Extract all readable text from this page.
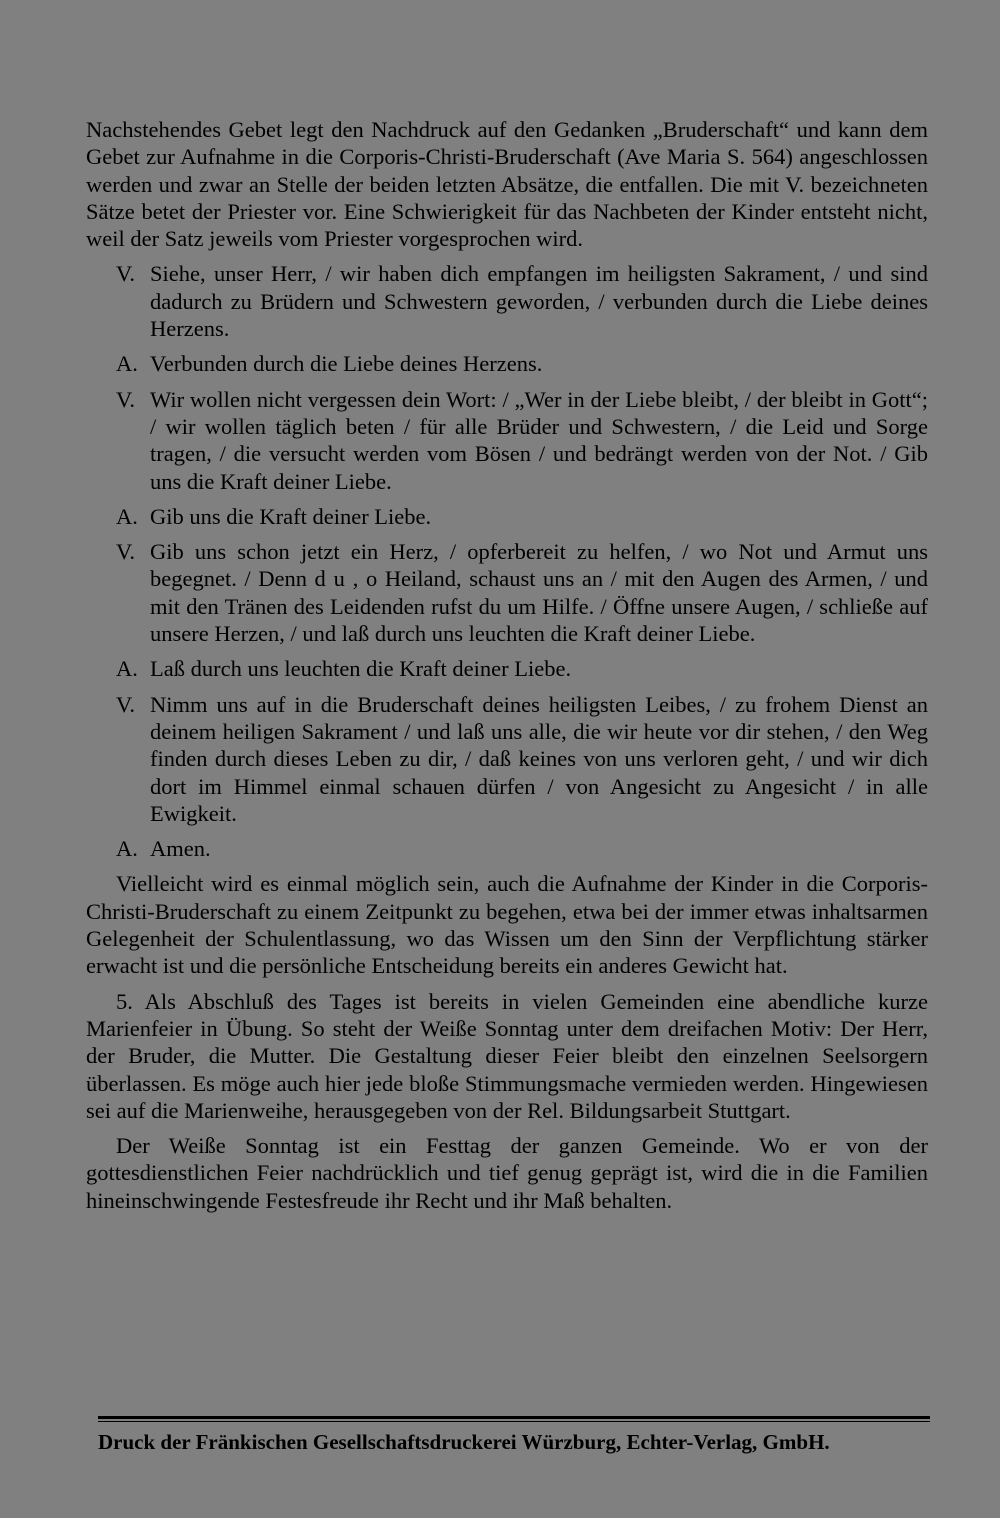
Nachstehendes Gebet legt den Nachdruck auf den Gedanken „Bruderschaft“ und kann dem Gebet zur Aufnahme in die Corporis-Christi-Bruderschaft (Ave Maria S. 564) angeschlossen werden und zwar an Stelle der beiden letzten Absätze, die entfallen. Die mit V. bezeichneten Sätze betet der Priester vor. Eine Schwierigkeit für das Nachbeten der Kinder entsteht nicht, weil der Satz jeweils vom Priester vorgesprochen wird.

V. Siehe, unser Herr, / wir haben dich empfangen im heiligsten Sakrament, / und sind dadurch zu Brüdern und Schwestern geworden, / verbunden durch die Liebe deines Herzens.
A. Verbunden durch die Liebe deines Herzens.
V. Wir wollen nicht vergessen dein Wort: / „Wer in der Liebe bleibt, / der bleibt in Gott“; / wir wollen täglich beten / für alle Brüder und Schwestern, / die Leid und Sorge tragen, / die versucht werden vom Bösen / und bedrängt werden von der Not. / Gib uns die Kraft deiner Liebe.
A. Gib uns die Kraft deiner Liebe.
V. Gib uns schon jetzt ein Herz, / opferbereit zu helfen, / wo Not und Armut uns begegnet. / Denn du, o Heiland, schaust uns an / mit den Augen des Armen, / und mit den Tränen des Leidenden rufst du um Hilfe. / Öffne unsere Augen, / schließe auf unsere Herzen, / und laß durch uns leuchten die Kraft deiner Liebe.
A. Laß durch uns leuchten die Kraft deiner Liebe.
V. Nimm uns auf in die Bruderschaft deines heiligsten Leibes, / zu frohem Dienst an deinem heiligen Sakrament / und laß uns alle, die wir heute vor dir stehen, / den Weg finden durch dieses Leben zu dir, / daß keines von uns verloren geht, / und wir dich dort im Himmel einmal schauen dürfen / von Angesicht zu Angesicht / in alle Ewigkeit.
A. Amen.

Vielleicht wird es einmal möglich sein, auch die Aufnahme der Kinder in die Corporis-Christi-Bruderschaft zu einem Zeitpunkt zu begehen, etwa bei der immer etwas inhaltsarmen Gelegenheit der Schulentlassung, wo das Wissen um den Sinn der Verpflichtung stärker erwacht ist und die persönliche Entscheidung bereits ein anderes Gewicht hat.

5. Als Abschluß des Tages ist bereits in vielen Gemeinden eine abendliche kurze Marienfeier in Übung. So steht der Weiße Sonntag unter dem dreifachen Motiv: Der Herr, der Bruder, die Mutter. Die Gestaltung dieser Feier bleibt den einzelnen Seelsorgern überlassen. Es möge auch hier jede bloße Stimmungsmache vermieden werden. Hingewiesen sei auf die Marienweihe, herausgegeben von der Rel. Bildungsarbeit Stuttgart.

Der Weiße Sonntag ist ein Festtag der ganzen Gemeinde. Wo er von der gottesdienstlichen Feier nachdrücklich und tief genug geprägt ist, wird die in die Familien hineinschwingende Festesfreude ihr Recht und ihr Maß behalten.

Druck der Fränkischen Gesellschaftsdruckerei Würzburg, Echter-Verlag, GmbH.
